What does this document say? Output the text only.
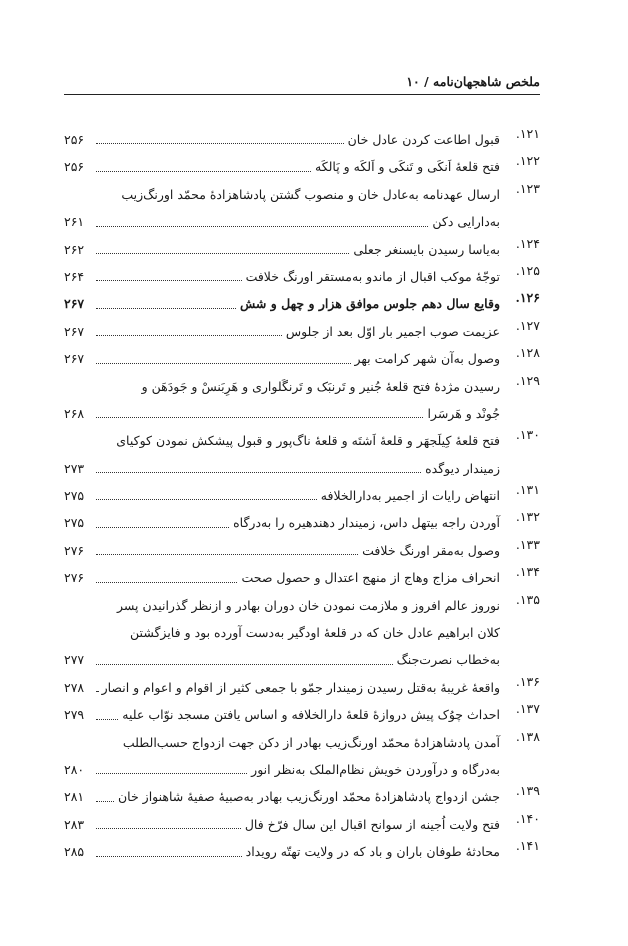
ملخص شاهجهان‌نامه / ۱۰
۱۲۱.
قبول اطاعت کردن عادل خان
۲۵۶
۱۲۲.
فتح قلعهٔ اَنکَی و تَنکَی و اَلکَه و پَالکَه
۲۵۶
۱۲۳.
ارسال عهدنامه به‌عادل خان و منصوب گشتن پادشاهزادهٔ محمّد اورنگ‌زیب
به‌دارایی دکن
۲۶۱
۱۲۴.
به‌یاسا رسیدن بایسنغر جعلی
۲۶۲
۱۲۵.
توجّهٔ موکب اقبال از ماندو به‌مستقر اورنگ خلافت
۲۶۴
۱۲۶.
وقایع سال دهم جلوس موافق هزار و چهل و شش
۲۶۷
۱۲۷.
عزیمت صوب اجمیر بار اوّل بعد از جلوس
۲۶۷
۱۲۸.
وصول به‌آن شهر کرامت بهر
۲۶۷
۱۲۹.
رسیدن مژدهٔ فتح قلعهٔ جُنیر و تَرنبَک و تَرنگَلواری و هَرِبَنسْ و جَودَهَن و
جُونْد و هَرسَرا
۲۶۸
۱۳۰.
فتح قلعهٔ کِیلَجهَر و قلعهٔ اَشتَه و قلعهٔ ناگ‌پور و قبول پیشکش نمودن کوکیای
زمیندار دیوگده
۲۷۳
۱۳۱.
انتهاض رایات از اجمیر به‌دارالخلافه
۲۷۵
۱۳۲.
آوردن راجه بیتهل داس، زمیندار دهندهیره را به‌درگاه
۲۷۵
۱۳۳.
وصول به‌مقر اورنگ خلافت
۲۷۶
۱۳۴.
انحراف مزاج وهاج از منهج اعتدال و حصول صحت
۲۷۶
۱۳۵.
نوروز عالم افروز و ملازمت نمودن خان دوران بهادر و ازنظر گذرانیدن پسر
کلان ابراهیم عادل خان که در قلعهٔ اودگیر به‌دست آورده بود و فایزگشتن
به‌خطاب نصرت‌جنگ
۲۷۷
۱۳۶.
واقعهٔ غریبهٔ به‌قتل رسیدن زمیندار جمّو با جمعی کثیر از اقوام و اعوام و انصار
۲۷۸
۱۳۷.
احداث چوُک پیش دروازهٔ قلعهٔ دارالخلافه و اساس یافتن مسجد نوّاب علیه
۲۷۹
۱۳۸.
آمدن پادشاهزادهٔ محمّد اورنگ‌زیب بهادر از دکن جهت ازدواج حسب‌الطلب
به‌درگاه و درآوردن خویش نظام‌الملک به‌نظر انور
۲۸۰
۱۳۹.
جشن ازدواج پادشاهزادهٔ محمّد اورنگ‌زیب بهادر به‌صبیهٔ صفیهٔ شاهنواز خان
۲۸۱
۱۴۰.
فتح ولایت اُجینه از سوانح اقبال این سال فرّخ فال
۲۸۳
۱۴۱.
محادثهٔ طوفان باران و باد که در ولایت تهتّه رویداد
۲۸۵
